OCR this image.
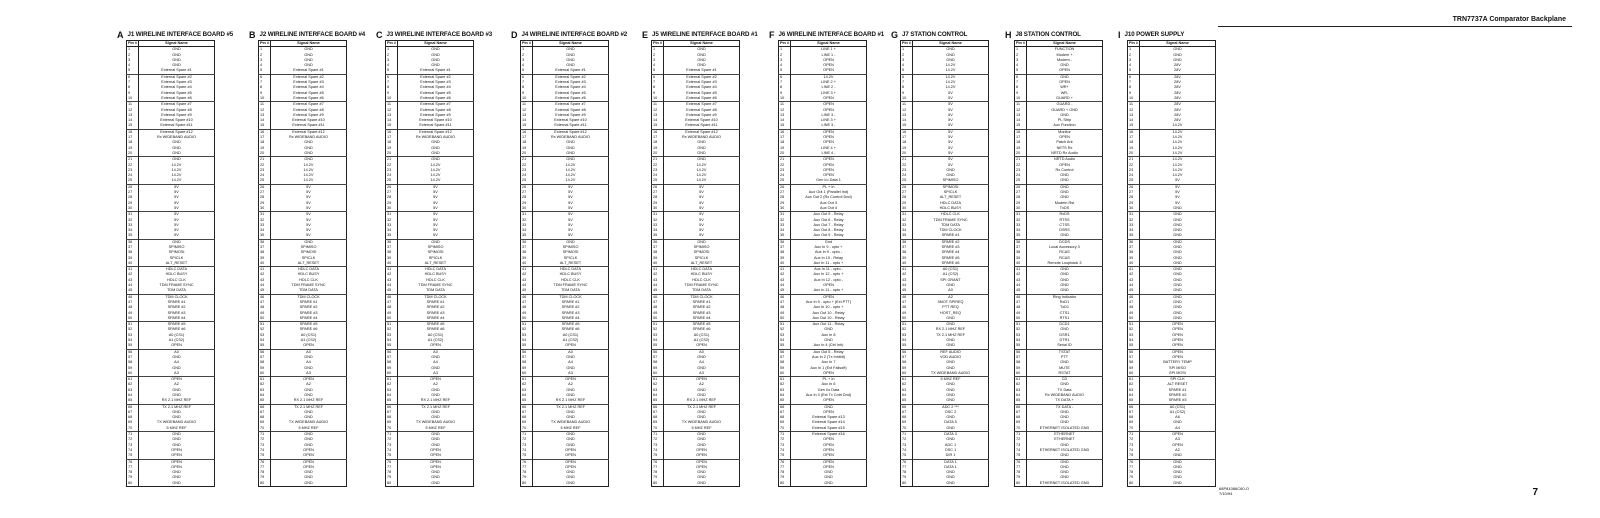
TRN7737A Comparator Backplane
A J1 WIRELINE INTERFACE BOARD #5
Pin #	Signal Name
1	GND
2	GND
3	GND
4	GND
5	External Spare #1
6	External Spare #2
7	External Spare #3
8	External Spare #4
9	External Spare #5
10	External Spare #6
11	External Spare #7
12	External Spare #8
13	External Spare #9
14	External Spare #10
15	External Spare #11
16	External Spare #12
17	Rx WIDEBAND AUDIO
18	GND
19	GND
20	GND
21	GND
22	14.2V
23	14.2V
24	14.2V
25	14.2V
26	5V
27	5V
28	5V
29	5V
30	5V
31	5V
32	5V
33	5V
34	5V
35	5V
36	GND
37	SPIMISO
38	SPIMOSI
39	SPICLK
40	ALT_RESET
41	HDLC DATA
42	HDLC BUSY
43	HDLC CLK
44	TDM FRAME SYNC
45	TDM DATA
46	TDM CLOCK
47	SPARE #1
48	SPARE #2
49	SPARE #3
50	SPARE #4
51	SPARE #5
52	SPARE #6
53	A0 (CS1)
54	A1 (CS2)
55	OPEN
56	A0
57	GND
58	A4
59	GND
60	A3
61	OPEN
62	A2
63	GND
64	GND
65	RX 2.1 MHZ REF
66	TX 2.1 MHZ REF
67	GND
68	GND
69	TX WIDEBAND AUDIO
70	5 MHZ REF
71	GND
72	GND
73	GND
74	OPEN
75	OPEN
76	OPEN
77	OPEN
78	GND
79	GND
80	GND
B J2 WIRELINE INTERFACE BOARD #4
Pin #	Signal Name
1	GND
2	GND
3	GND
4	GND
5	External Spare #1
6	External Spare #2
7	External Spare #3
8	External Spare #4
9	External Spare #5
10	External Spare #6
11	External Spare #7
12	External Spare #8
13	External Spare #9
14	External Spare #10
15	External Spare #11
16	External Spare #12
17	Rx WIDEBAND AUDIO
18	GND
19	GND
20	GND
21	GND
22	14.2V
23	14.2V
24	14.2V
25	14.2V
26	5V
27	5V
28	5V
29	5V
30	5V
31	5V
32	5V
33	5V
34	5V
35	5V
36	GND
37	SPIMISO
38	SPIMOSI
39	SPICLK
40	ALT_RESET
41	HDLC DATA
42	HDLC BUSY
43	HDLC CLK
44	TDM FRAME SYNC
45	TDM DATA
46	TDM CLOCK
47	SPARE #1
48	SPARE #2
49	SPARE #3
50	SPARE #4
51	SPARE #5
52	SPARE #6
53	A0 (CS1)
54	A1 (CS2)
55	OPEN
56	A0
57	GND
58	A4
59	GND
60	A3
61	OPEN
62	A2
63	GND
64	GND
65	RX 2.1 MHZ REF
66	TX 2.1 MHZ REF
67	GND
68	GND
69	TX WIDEBAND AUDIO
70	5 MHZ REF
71	GND
72	GND
73	GND
74	OPEN
75	OPEN
76	OPEN
77	OPEN
78	GND
79	GND
80	GND
C J3 WIRELINE INTERFACE BOARD #3
Pin #	Signal Name
1	GND
2	GND
3	GND
4	GND
5	External Spare #1
6	External Spare #2
7	External Spare #3
8	External Spare #4
9	External Spare #5
10	External Spare #6
11	External Spare #7
12	External Spare #8
13	External Spare #9
14	External Spare #10
15	External Spare #11
16	External Spare #12
17	Rx WIDEBAND AUDIO
18	GND
19	GND
20	GND
21	GND
22	14.2V
23	14.2V
24	14.2V
25	14.2V
26	5V
27	5V
28	5V
29	5V
30	5V
31	5V
32	5V
33	5V
34	5V
35	5V
36	GND
37	SPIMISO
38	SPIMOSI
39	SPICLK
40	ALT_RESET
41	HDLC DATA
42	HDLC BUSY
43	HDLC CLK
44	TDM FRAME SYNC
45	TDM DATA
46	TDM CLOCK
47	SPARE #1
48	SPARE #2
49	SPARE #3
50	SPARE #4
51	SPARE #5
52	SPARE #6
53	A0 (CS1)
54	A1 (CS2)
55	OPEN
56	A0
57	GND
58	A4
59	GND
60	A3
61	OPEN
62	A2
63	GND
64	GND
65	RX 2.1 MHZ REF
66	TX 2.1 MHZ REF
67	GND
68	GND
69	TX WIDEBAND AUDIO
70	5 MHZ REF
71	GND
72	GND
73	GND
74	OPEN
75	OPEN
76	OPEN
77	OPEN
78	GND
79	GND
80	GND
D J4 WIRELINE INTERFACE BOARD #2
Pin #	Signal Name
1	GND
2	GND
3	GND
4	GND
5	External Spare #1
6	External Spare #2
7	External Spare #3
8	External Spare #4
9	External Spare #5
10	External Spare #6
11	External Spare #7
12	External Spare #8
13	External Spare #9
14	External Spare #10
15	External Spare #11
16	External Spare #12
17	Rx WIDEBAND AUDIO
18	GND
19	GND
20	GND
21	GND
22	14.2V
23	14.2V
24	14.2V
25	14.2V
26	5V
27	5V
28	5V
29	5V
30	5V
31	5V
32	5V
33	5V
34	5V
35	5V
36	GND
37	SPIMISO
38	SPIMOSI
39	SPICLK
40	ALT_RESET
41	HDLC DATA
42	HDLC BUSY
43	HDLC CLK
44	TDM FRAME SYNC
45	TDM DATA
46	TDM CLOCK
47	SPARE #1
48	SPARE #2
49	SPARE #3
50	SPARE #4
51	SPARE #5
52	SPARE #6
53	A0 (CS1)
54	A1 (CS2)
55	OPEN
56	A0
57	GND
58	A4
59	GND
60	A3
61	OPEN
62	A2
63	GND
64	GND
65	RX 2.1 MHZ REF
66	TX 2.1 MHZ REF
67	GND
68	GND
69	TX WIDEBAND AUDIO
70	5 MHZ REF
71	GND
72	GND
73	GND
74	OPEN
75	OPEN
76	OPEN
77	OPEN
78	GND
79	GND
80	GND
E J5 WIRELINE INTERFACE BOARD #1
Pin #	Signal Name
1	GND
2	GND
3	GND
4	GND
5	External Spare #1
6	External Spare #2
7	External Spare #3
8	External Spare #4
9	External Spare #5
10	External Spare #6
11	External Spare #7
12	External Spare #8
13	External Spare #9
14	External Spare #10
15	External Spare #11
16	External Spare #12
17	Rx WIDEBAND AUDIO
18	GND
19	GND
20	GND
21	GND
22	14.2V
23	14.2V
24	14.2V
25	14.2V
26	5V
27	5V
28	5V
29	5V
30	5V
31	5V
32	5V
33	5V
34	5V
35	5V
36	GND
37	SPIMISO
38	SPIMOSI
39	SPICLK
40	ALT_RESET
41	HDLC DATA
42	HDLC BUSY
43	HDLC CLK
44	TDM FRAME SYNC
45	TDM DATA
46	TDM CLOCK
47	SPARE #1
48	SPARE #2
49	SPARE #3
50	SPARE #4
51	SPARE #5
52	SPARE #6
53	A0 (CS1)
54	A1 (CS2)
55	OPEN
56	A0
57	GND
58	A4
59	GND
60	A3
61	OPEN
62	A2
63	GND
64	GND
65	RX 2.1 MHZ REF
66	TX 2.1 MHZ REF
67	GND
68	GND
69	TX WIDEBAND AUDIO
70	5 MHZ REF
71	GND
72	GND
73	GND
74	OPEN
75	OPEN
76	OPEN
77	OPEN
78	GND
79	GND
80	GND
F J6 WIRELINE INTERFACE BOARD #1
Pin #	Signal Name
1	LINE 1 +
2	LINE 1 -
3	OPEN
4	OPEN
5	OPEN
6	14.2V
7	LINE 2 +
8	LINE 2 -
9	LINE 3 +
10	OPEN
11	OPEN
12	OPEN
13	LINE 3 -
14	LINE 3 +
15	LINE 3 -
16	OPEN
17	OPEN
18	OPEN
19	LINE 4 +
20	LINE 4 -
21	OPEN
22	OPEN
23	OPEN
24	OPEN
25	Gen I/o Data 1
26	PL + In
27	Aux Out 1 (Parallel Ind)
28	Aux Out 2 (Rx Control Dnd)
29	Aux Out 3
30	Aux Out 4
31	Aux Out 5 - Relay
32	Aux Out 6 - Relay
33	Aux Out 7 - Relay
34	Aux Out 8 - Relay
35	Aux Out 9 - Relay
36	Gnd
37	Aux In 9 - opto +
38	Aux In 9 - opto -
39	Aux In 10 - Relay
40	Aux In 11 - opto +
41	Aux In 11 - opto -
42	Aux In 12 - opto +
43	Aux In 12 - opto -
44	OPEN
45	Aux In 11 - opto +
46	OPEN
47	Aux In 9 - opto + (Ext PTT)
48	Aux In 10 - opto +
49	Aux Out 10 - Relay
50	Aux Out 10 - Relay
51	Aux Out 11 - Relay
52	GND
53	Aux In 8
54	GND
55	Aux In 4 (Ctrl Inh)
56	Aux Out 5 - Relay
57	Aux In 2 (Tx Inhibit)
58	Aux In 7
59	Aux In 1 (Ext Failsoft)
60	OPEN
61	PL + In
62	Aux In 6
63	Gen I/o Data
64	Aux In 3 (Ext Tx Cntrl Dnd)
65	OPEN
66	GND
67	OPEN
68	External Spare #13
69	External Spare #14
70	External Spare #15
71	External Spare #16
72	OPEN
73	OPEN
74	OPEN
75	OPEN
76	OPEN
77	OPEN
78	GND
79	GND
80	GND
G J7 STATION CONTROL
Pin #	Signal Name
1	GND
2	GND
3	GND
4	14.2V
5	14.2V
6	14.2V
7	14.2V
8	14.2V
9	5V
10	5V
11	5V
12	5V
13	5V
14	5V
15	5V
16	5V
17	5V
18	5V
19	5V
20	5V
21	5V
22	5V
23	GND
24	GND
25	SPIMISO
26	SPIMOSI
27	SPICLK
28	ALT_RESET
29	HDLC DATA
30	HDLC BUSY
31	HDLC CLK
32	TDM FRAME SYNC
33	TDM DATA
34	TDM CLOCK
35	SPARE #1
36	SPARE #2
37	SPARE #3
38	SPARE #4
39	SPARE #5
40	SPARE #6
41	A0 (CS1)
42	A1 (CS2)
43	SPI GRANT
44	GND
45	A0
46	A2
47	3MOT SPIREQ
48	PTT REQ
49	HOST_REQ
50	GND
51	GND
52	RX 2.1 MHZ REF
53	TX 2.1 MHZ REF
54	GND
55	GND
56	REF AUDIO
57	VOD AUDIO
58	GND
59	GND
60	TX WIDEBAND AUDIO
61	5 MHZ REF
62	GND
63	GND
64	GND
65	GND
66	ADC 2 ***
67	OSC 2
68	GND
69	DATA 5
70	GND
71	DATA 3
72	GND
73	ADC 1
74	OSC 1
75	DIR 1
76	DATA 1
77	DATA 1
78	GND
79	GND
80	GND
H J8 STATION CONTROL
Pin #	Signal Name
1	FUNCTION
2	Modem +
3	Modem -
4	GND
5	OPEN
6	GND
7	OPEN
8	WR+
9	WR-
10	GUARD +
11	GUARD -
12	GUARD + GND
13	GND
14	PL Strip
15	Aux Function
16	Monitor
17	OPEN
18	Patch Ant
19	NETS Rx
20	NRTD Rx Audio
21	NRTD Audio
22	OPEN
23	Rx Control
24	GND
25	GND
26	GND
27	GND
28	GND
29	Modem Rst
30	TxDS
31	RxDS
32	RTSS
33	CTSS
34	DSRS
35	GND
36	DCDS
37	Local Accessory 3
38	RCAS
39	RCAS
40	Remote Loopback 3
41	GND
42	GND
43	GND
44	GND
45	GND
46	Ring Indicator
47	RxD1
48	TxD1
49	CTS1
50	RTS1
51	DCD1
52	GND
53	DSR1
54	DTR1
55	Serial ID
56	TSTAT
57	PTT
58	GND
59	MUTE
60	RSTAT
61	CD
62	GND
63	TX Data
64	Rx WIDEBAND AUDIO
65	TX DATA +
66	TX DATA -
67	GND
68	GND
69	GND
70	ETHERNET ISOLATED GND
71	ETHERNET
72	ETHERNET
73	GND
74	ETHERNET ISOLATED GND
75	GND
76	GND
77	GND
78	GND
79	GND
80	ETHERNET ISOLATED GND
I J10 POWER SUPPLY
Pin #	Signal Name
1	GND
2	GND
3	GND
4	28V
5	28V
6	28V
7	28V
8	28V
9	28V
10	28V
11	28V
12	28V
13	28V
14	28V
15	14.2V
16	14.2V
17	14.2V
18	14.2V
19	14.2V
20	14.2V
21	14.2V
22	14.2V
23	14.2V
24	14.2V
25	5V
26	5V
27	5V
28	5V
29	5V
30	GND
31	GND
32	GND
33	GND
34	GND
35	GND
36	GND
37	GND
38	GND
39	GND
40	GND
41	GND
42	GND
43	GND
44	GND
45	GND
46	GND
47	GND
48	GND
49	GND
50	GND
51	OPEN
52	OPEN
53	OPEN
54	OPEN
55	OPEN
56	OPEN
57	OPEN
58	BATTERY TEMP
59	SPI MISO
60	SPI MOSI
61	SPI CLK
62	ALT RESET
63	SPARE #1
64	SPARE #2
65	SPARE #3
66	A0 (CS1)
67	A1 (CS2)
68	A6
69	GND
70	A4
71	OPEN
72	A3
73	OPEN
74	A2
75	GND
76	GND
77	GND
78	GND
79	GND
80	GND
68P81086C60-O
7/10/94	7
